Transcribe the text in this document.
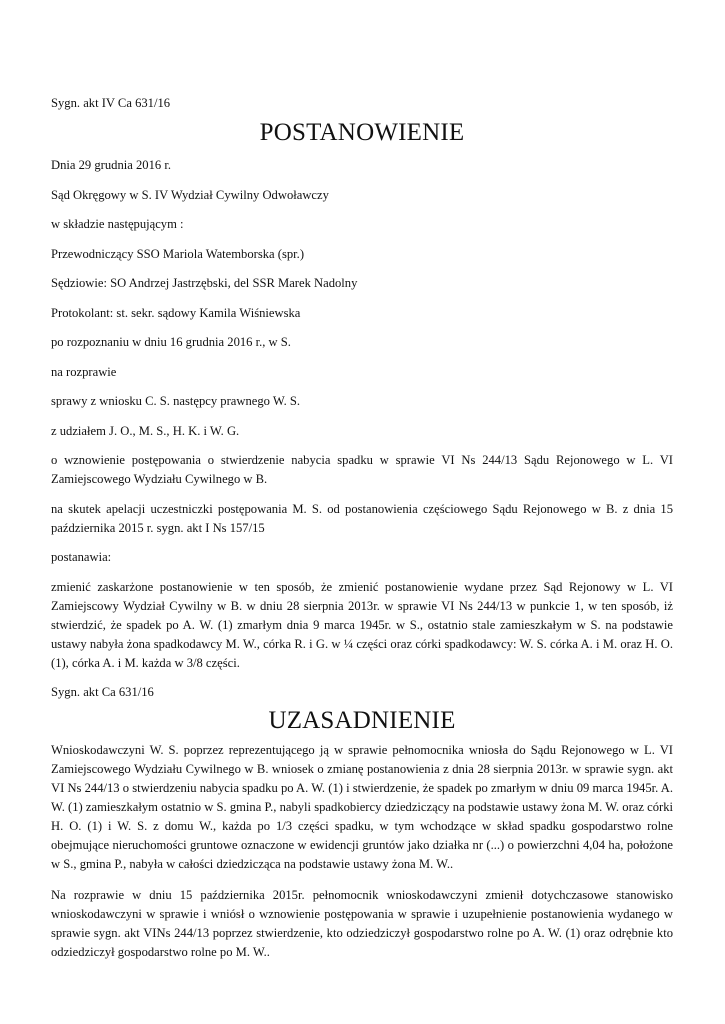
Sygn. akt IV Ca 631/16

POSTANOWIENIE

Dnia 29 grudnia 2016 r.

Sąd Okręgowy w S. IV Wydział Cywilny Odwoławczy

w składzie następującym :

Przewodniczący SSO Mariola Watemborska (spr.)

Sędziowie: SO Andrzej Jastrzębski, del SSR Marek Nadolny

Protokolant: st. sekr. sądowy Kamila Wiśniewska

po rozpoznaniu w dniu 16 grudnia 2016 r., w S.

na rozprawie

sprawy z wniosku C. S. następcy prawnego W. S.

z udziałem J. O., M. S., H. K. i W. G.

o wznowienie postępowania o stwierdzenie nabycia spadku w sprawie VI Ns 244/13 Sądu Rejonowego w L. VI Zamiejscowego Wydziału Cywilnego w B.

na skutek apelacji uczestniczki postępowania M. S. od postanowienia częściowego Sądu Rejonowego w B. z dnia 15 października 2015 r. sygn. akt I Ns 157/15

postanawia:

zmienić zaskarżone postanowienie w ten sposób, że zmienić postanowienie wydane przez Sąd Rejonowy w L. VI Zamiejscowy Wydział Cywilny w B. w dniu 28 sierpnia 2013r. w sprawie VI Ns 244/13 w punkcie 1, w ten sposób, iż stwierdzić, że spadek po A. W. (1) zmarłym dnia 9 marca 1945r. w S., ostatnio stale zamieszkałym w S. na podstawie ustawy nabyła żona spadkodawcy M. W., córka R. i G. w ¼ części oraz córki spadkodawcy: W. S. córka A. i M. oraz H. O. (1), córka A. i M. każda w 3/8 części.

Sygn. akt Ca 631/16

UZASADNIENIE

Wnioskodawczyni W. S. poprzez reprezentującego ją w sprawie pełnomocnika wniosła do Sądu Rejonowego w L. VI Zamiejscowego Wydziału Cywilnego w B. wniosek o zmianę postanowienia z dnia 28 sierpnia 2013r. w sprawie sygn. akt VI Ns 244/13 o stwierdzeniu nabycia spadku po A. W. (1) i stwierdzenie, że spadek po zmarłym w dniu 09 marca 1945r. A. W. (1) zamieszkałym ostatnio w S. gmina P., nabyli spadkobiercy dziedziczący na podstawie ustawy żona M. W. oraz córki H. O. (1) i W. S. z domu W., każda po 1/3 części spadku, w tym wchodzące w skład spadku gospodarstwo rolne obejmujące nieruchomości gruntowe oznaczone w ewidencji gruntów jako działka nr (...) o powierzchni 4,04 ha, położone w S., gmina P., nabyła w całości dziedzicząca na podstawie ustawy żona M. W..

Na rozprawie w dniu 15 października 2015r. pełnomocnik wnioskodawczyni zmienił dotychczasowe stanowisko wnioskodawczyni w sprawie i wniósł o wznowienie postępowania w sprawie i uzupełnienie postanowienia wydanego w sprawie sygn. akt VINs 244/13 poprzez stwierdzenie, kto odziedziczył gospodarstwo rolne po A. W. (1) oraz odrębnie kto odziedziczył gospodarstwo rolne po M. W..
